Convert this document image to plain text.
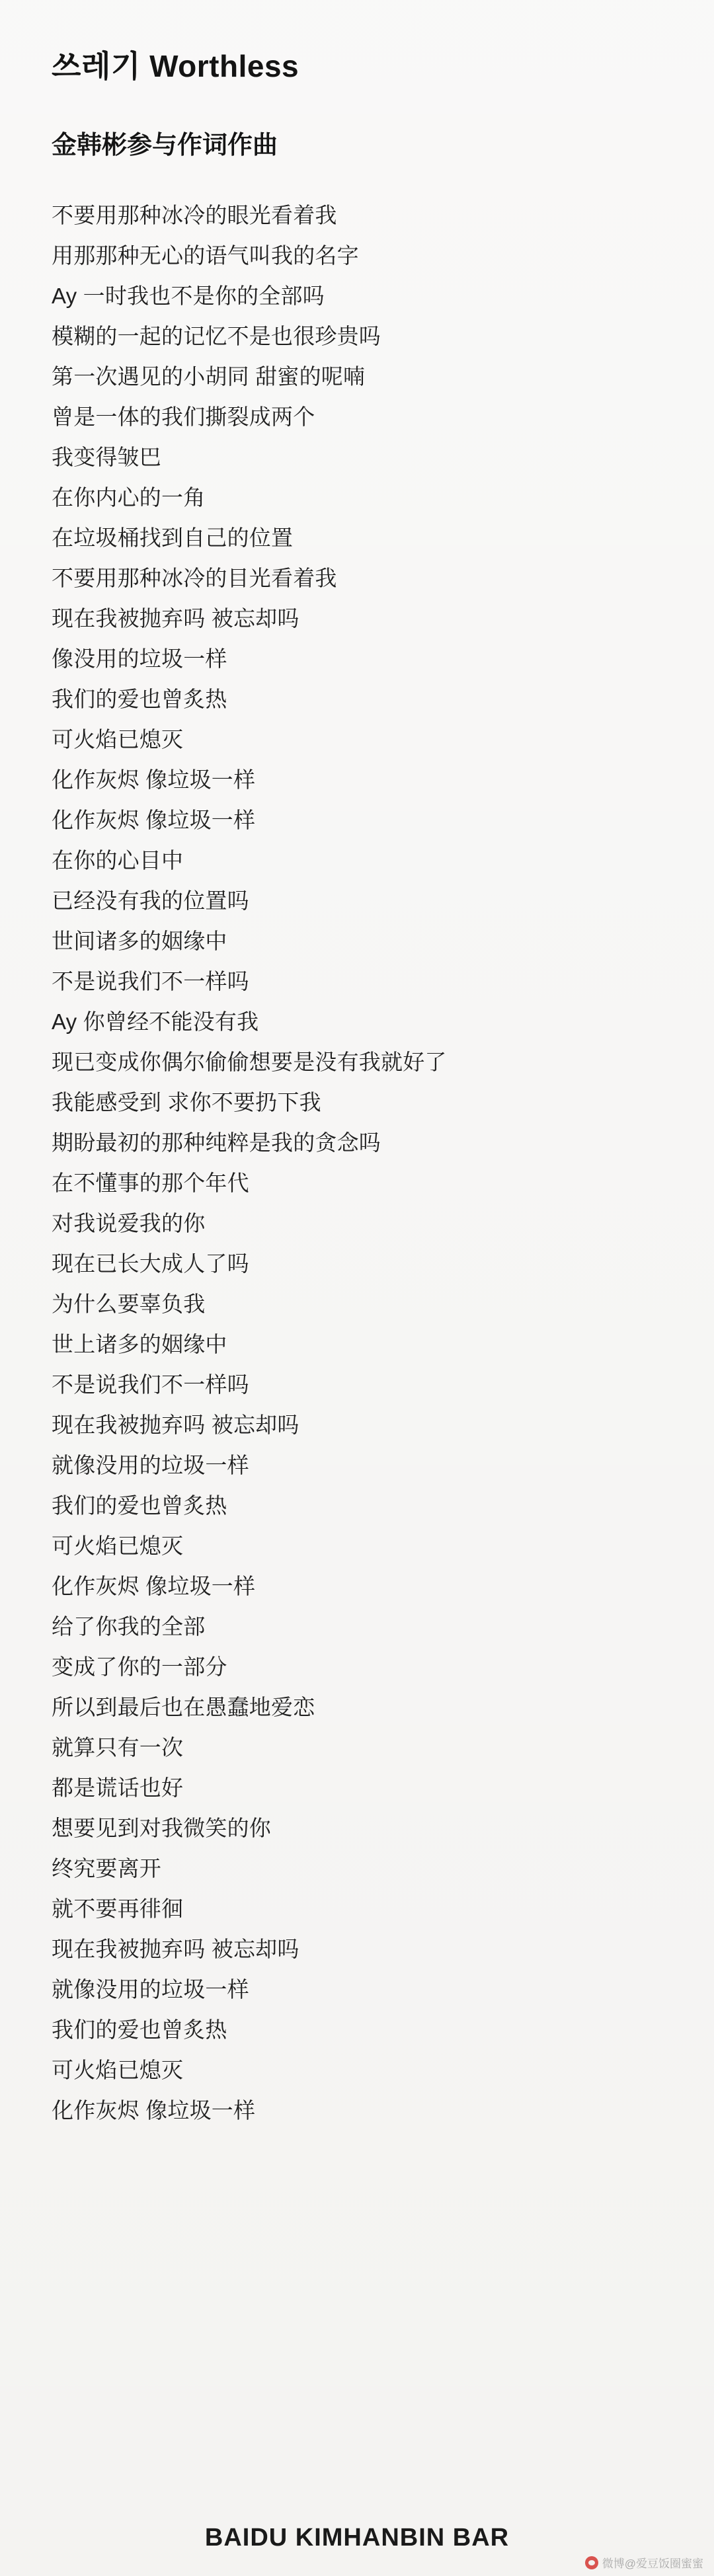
쓰레기 Worthless
金韩彬参与作词作曲
不要用那种冰冷的眼光看着我
用那那种无心的语气叫我的名字
Ay 一时我也不是你的全部吗
模糊的一起的记忆不是也很珍贵吗
第一次遇见的小胡同 甜蜜的呢喃
曾是一体的我们撕裂成两个
我变得皱巴
在你内心的一角
在垃圾桶找到自己的位置
不要用那种冰冷的目光看着我
现在我被抛弃吗 被忘却吗
像没用的垃圾一样
我们的爱也曾炙热
可火焰已熄灭
化作灰烬 像垃圾一样
化作灰烬 像垃圾一样
在你的心目中
已经没有我的位置吗
世间诸多的姻缘中
不是说我们不一样吗
Ay 你曾经不能没有我
现已变成你偶尔偷偷想要是没有我就好了
我能感受到 求你不要扔下我
期盼最初的那种纯粹是我的贪念吗
在不懂事的那个年代
对我说爱我的你
现在已长大成人了吗
为什么要辜负我
世上诸多的姻缘中
不是说我们不一样吗
现在我被抛弃吗 被忘却吗
就像没用的垃圾一样
我们的爱也曾炙热
可火焰已熄灭
化作灰烬 像垃圾一样
给了你我的全部
变成了你的一部分
所以到最后也在愚蠢地爱恋
就算只有一次
都是谎话也好
想要见到对我微笑的你
终究要离开
就不要再徘徊
现在我被抛弃吗 被忘却吗
就像没用的垃圾一样
我们的爱也曾炙热
可火焰已熄灭
化作灰烬 像垃圾一样
BAIDU KIMHANBIN BAR
微博@爱豆饭圈蜜蜜
